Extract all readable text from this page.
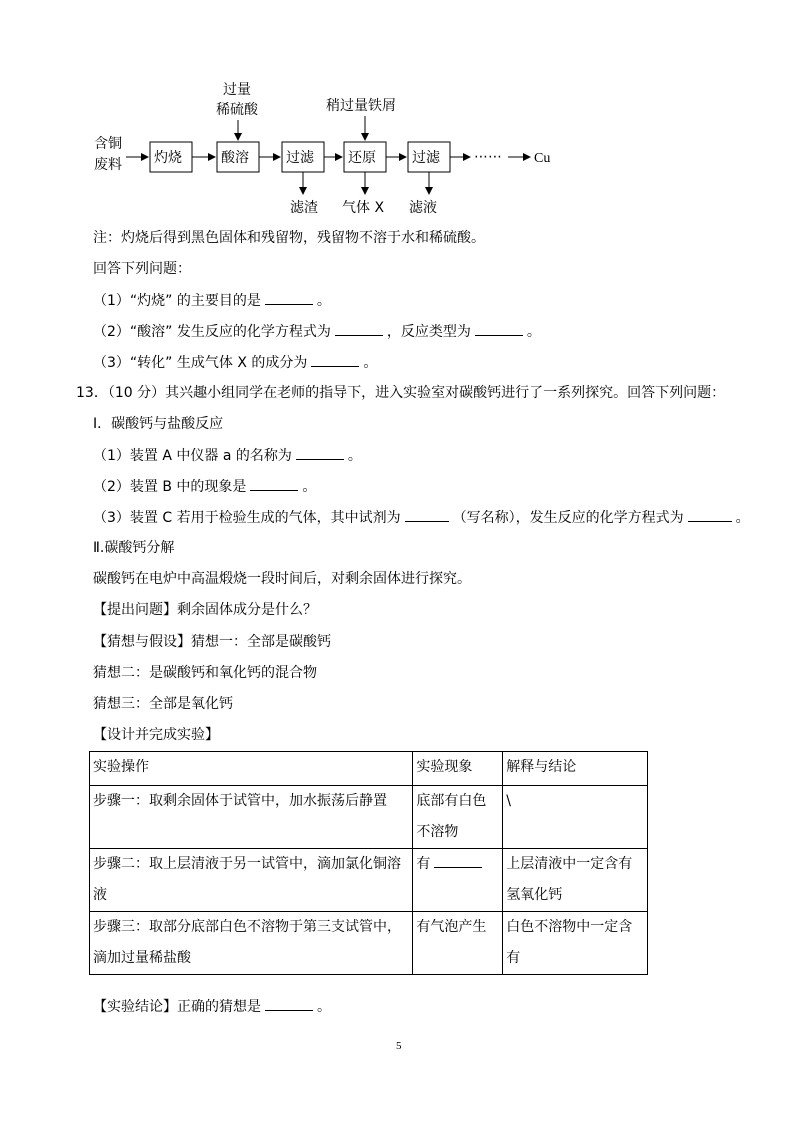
含铜
废料
过量
稀硫酸	稍过量铁屑
灼烧	酸溶	过滤 还原	过滤 ⋯⋯ Cu
滤渣 气体 X 滤液
注：灼烧后得到黑色固体和残留物，残留物不溶于水和稀硫酸。
回答下列问题：
（1）“灼烧” 的主要目的是	。
（2）“酸溶” 发生反应的化学方程式为	，反应类型为	。
（3）“转化” 生成气体 X 的成分为	。
13．（10 分）其兴趣小组同学在老师的指导下，进入实验室对碳酸钙进行了一系列探究。回答下列问题：
Ⅰ．碳酸钙与盐酸反应
（1）装置 A 中仪器 a 的名称为	。
（2）装置 B 中的现象是	。
（3）装置 C 若用于检验生成的气体，其中试剂为	（写名称），发生反应的化学方程式为	。
Ⅱ.碳酸钙分解
碳酸钙在电炉中高温煅烧一段时间后，对剩余固体进行探究。
【提出问题】剩余固体成分是什么？
【猜想与假设】猜想一：全部是碳酸钙
猜想二：是碳酸钙和氧化钙的混合物
猜想三：全部是氧化钙
【设计并完成实验】
实验操作	实验现象	解释与结论
步骤一：取剩余固体于试管中，加水振荡后静置	底部有白色不溶物	\
步骤二：取上层清液于另一试管中，滴加氯化铜溶液	有	上层清液中一定含有氢氧化钙
步骤三：取部分底部白色不溶物于第三支试管中，滴加过量稀盐酸	有气泡产生	白色不溶物中一定含有
【实验结论】正确的猜想是	。
5
